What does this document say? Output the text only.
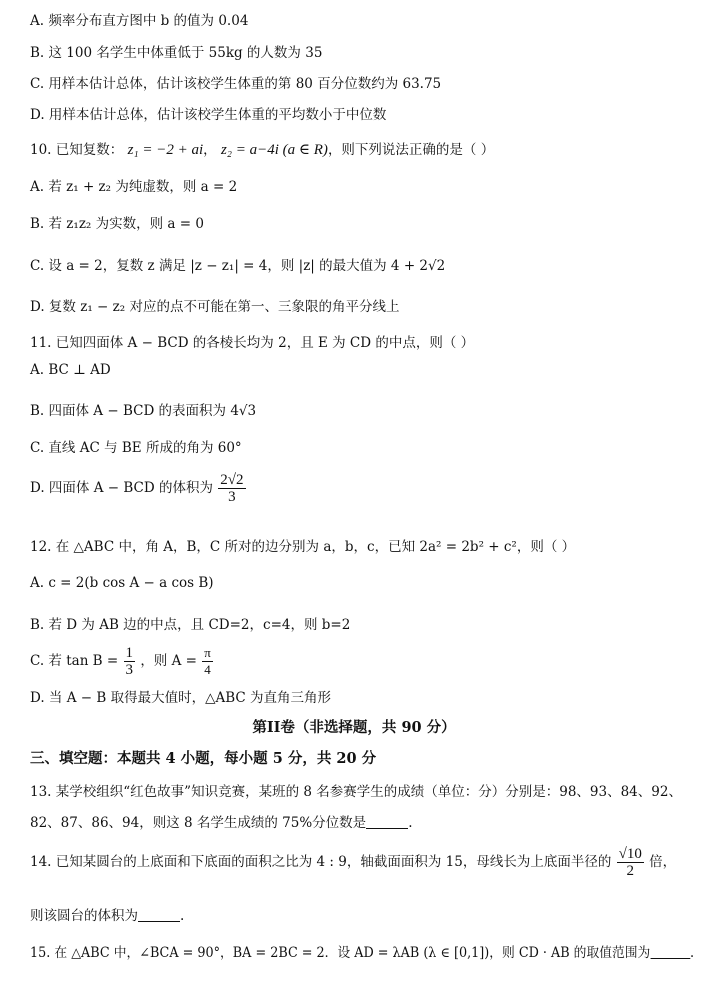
A. 频率分布直方图中 b 的值为 0.04
B. 这 100 名学生中体重低于 55kg 的人数为 35
C. 用样本估计总体，估计该校学生体重的第 80 百分位数约为 63.75
D. 用样本估计总体，估计该校学生体重的平均数小于中位数
10. 已知复数： z₁ = −2 + ai， z₂ = a−4i (a ∈ R)，则下列说法正确的是（ ）
A. 若 z₁ + z₂ 为纯虚数，则 a = 2
B. 若 z₁z₂ 为实数，则 a = 0
C. 设 a = 2，复数 z 满足 |z − z₁| = 4，则 |z| 的最大值为 4 + 2√2
D. 复数 z₁ − z₂ 对应的点不可能在第一、三象限的角平分线上
11. 已知四面体 A − BCD 的各棱长均为 2，且 E 为 CD 的中点，则（ ）
A. BC ⊥ AD
B. 四面体 A − BCD 的表面积为 4√3
C. 直线 AC 与 BE 所成的角为 60°
D. 四面体 A − BCD 的体积为 $\frac{2√2}{3}$
12. 在 △ABC 中，角 A，B，C 所对的边分别为 a，b，c，已知 2a² = 2b² + c²，则（ ）
A. c = 2(b cos A − a cos B)
B. 若 D 为 AB 边的中点，且 CD=2，c=4，则 b=2
C. 若 $\tan B = \frac{1}{3}$ ，则 $A = \frac{\pi}{4}$
D. 当 A − B 取得最大值时，△ABC 为直角三角形
第II卷（非选择题，共 90 分）
三、填空题：本题共 4 小题，每小题 5 分，共 20 分
13. 某学校组织“红色故事”知识竞赛，某班的 8 名参赛学生的成绩（单位：分）分别是：98、93、84、92、
82、87、86、94，则这 8 名学生成绩的 75%分位数是	.
14. 已知某圆台的上底面和下底面的面积之比为 4 : 9，轴截面面积为 15，母线长为上底面半径的 $\frac{√10}{2}$ 倍，
则该圆台的体积为	.
15. 在 △ABC 中，∠BCA = 90°，BA = 2BC = 2．设 AD = λAB (λ ∈ [0,1])，则 CD · AB 的取值范围为	.
